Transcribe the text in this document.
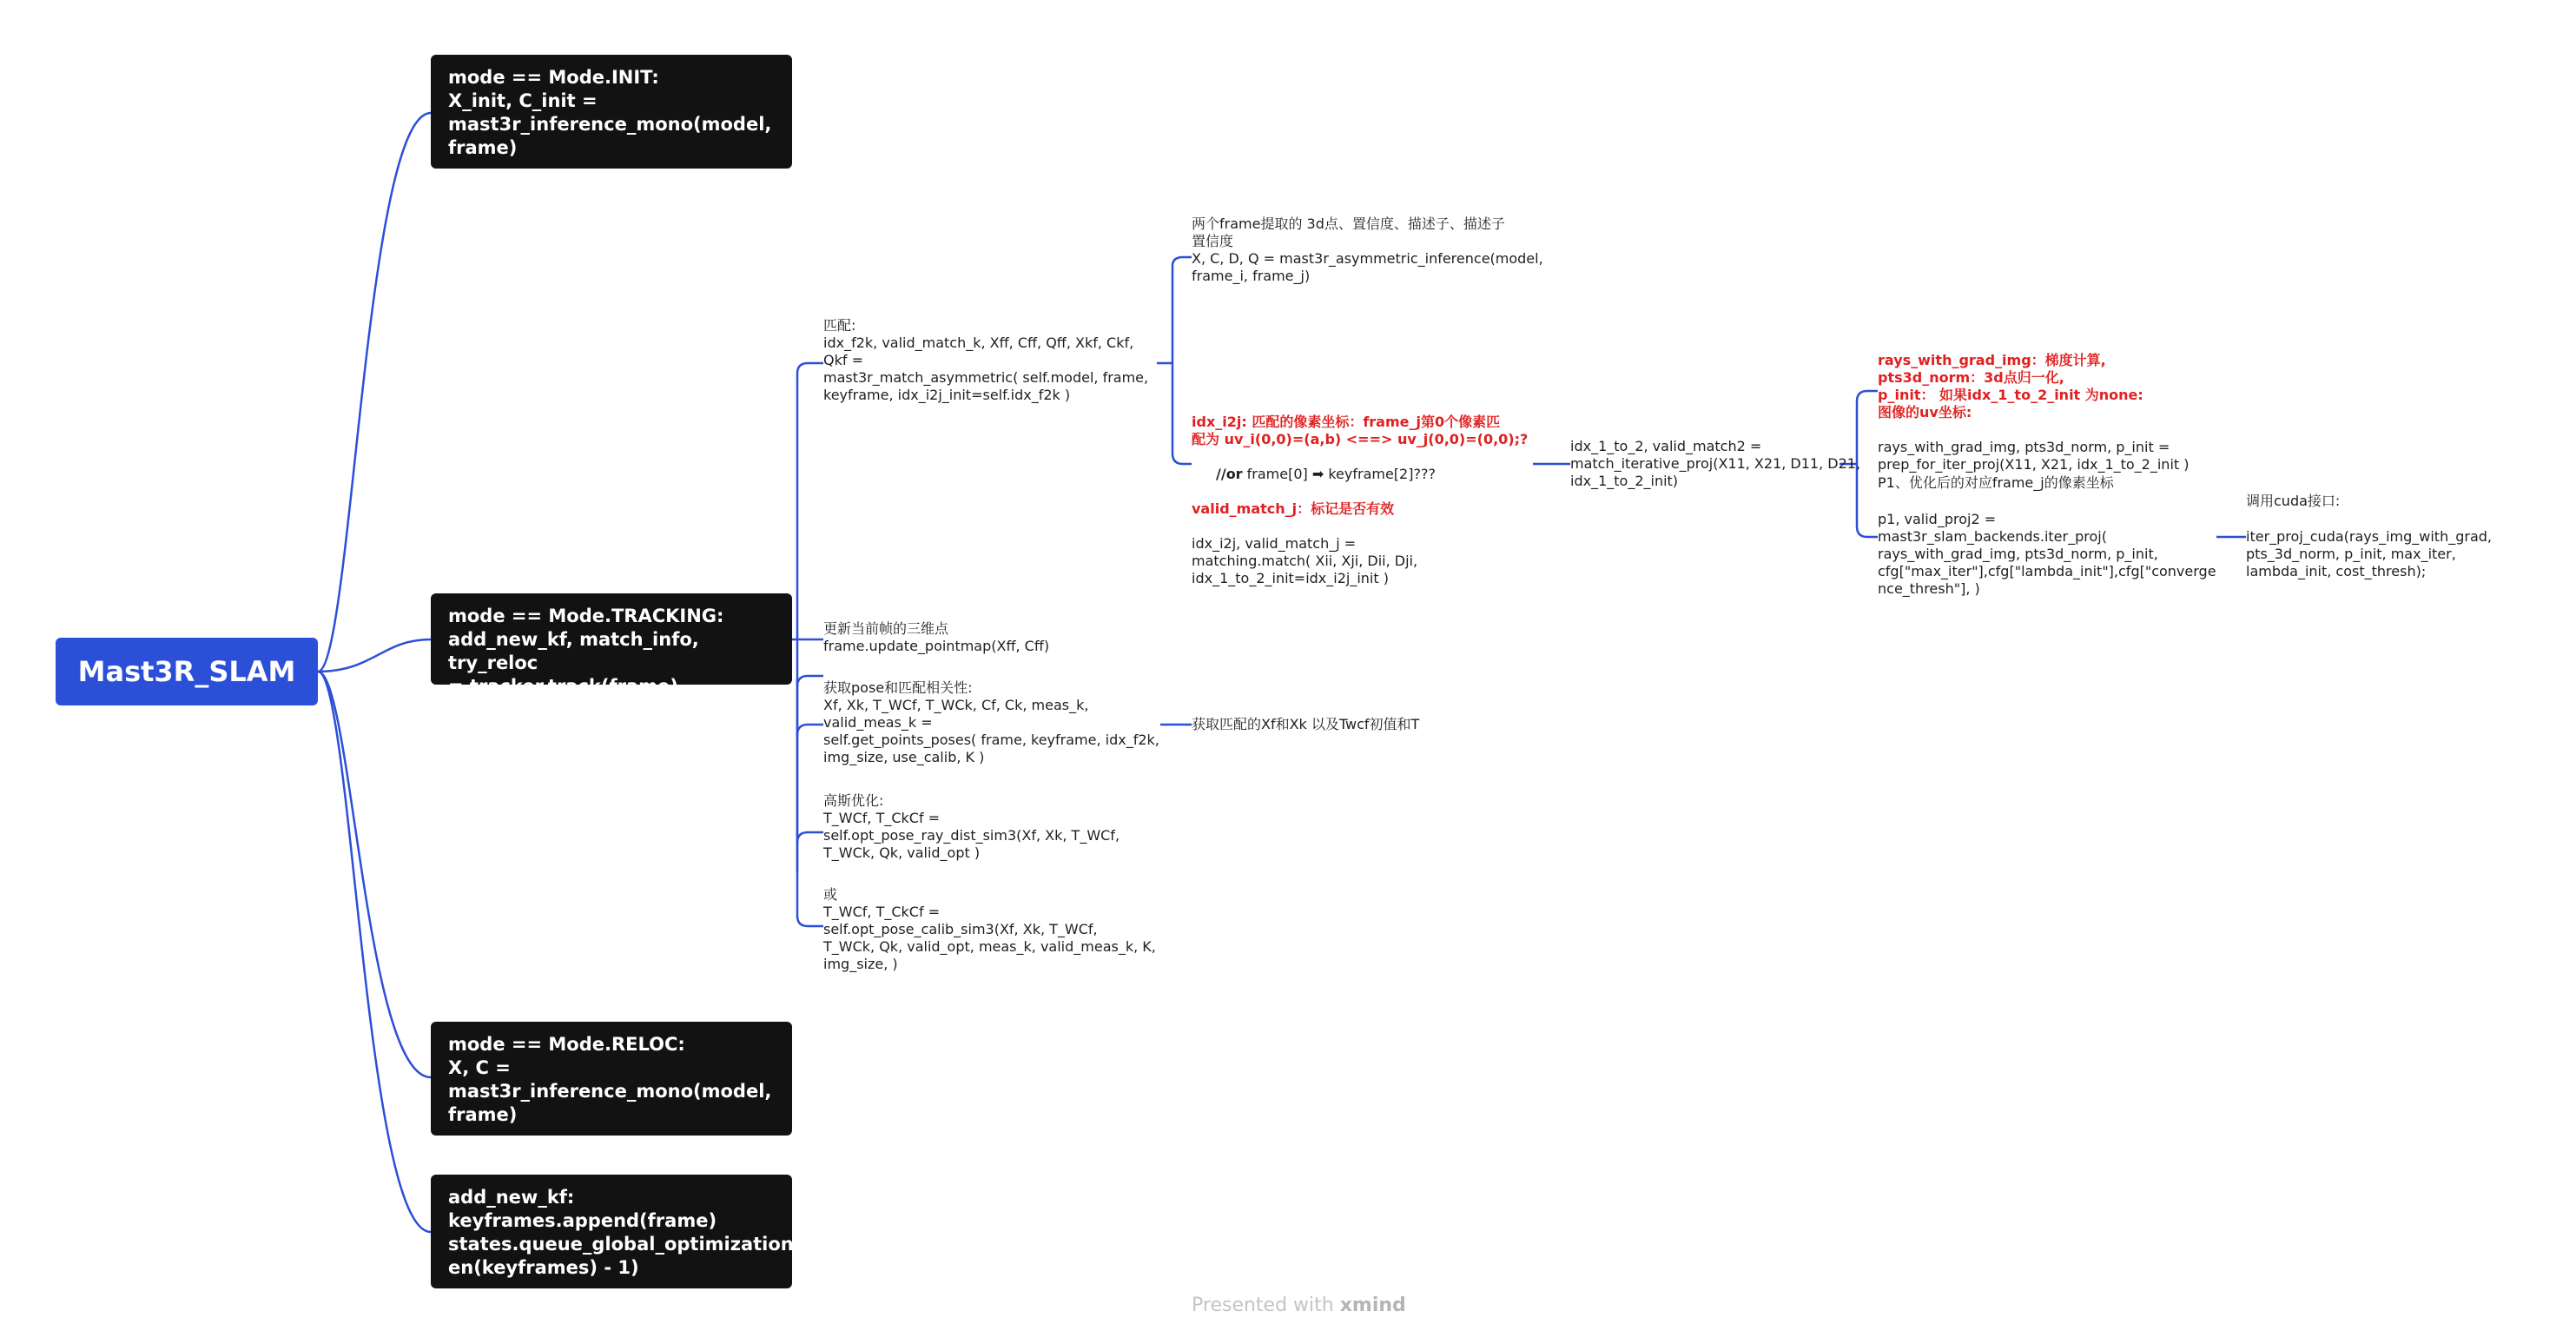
Mast3R_SLAM
mode == Mode.INIT:
X_init, C_init =
mast3r_inference_mono(model,
frame)
mode == Mode.TRACKING:
add_new_kf, match_info, try_reloc
= tracker.track(frame)
mode == Mode.RELOC:
X, C =
mast3r_inference_mono(model,
frame)
add_new_kf:
keyframes.append(frame)
states.queue_global_optimization(l
en(keyframes) - 1)
匹配:
idx_f2k, valid_match_k, Xff, Cff, Qff, Xkf, Ckf,
Qkf =
mast3r_match_asymmetric( self.model, frame,
keyframe, idx_i2j_init=self.idx_f2k )
更新当前帧的三维点
frame.update_pointmap(Xff, Cff)
获取pose和匹配相关性:
Xf, Xk, T_WCf, T_WCk, Cf, Ck, meas_k,
valid_meas_k =
self.get_points_poses( frame, keyframe, idx_f2k,
img_size, use_calib, K )
高斯优化:
T_WCf, T_CkCf =
self.opt_pose_ray_dist_sim3(Xf, Xk, T_WCf,
T_WCk, Qk, valid_opt )
或
T_WCf, T_CkCf =
self.opt_pose_calib_sim3(Xf, Xk, T_WCf,
T_WCk, Qk, valid_opt, meas_k, valid_meas_k, K,
img_size, )
两个frame提取的 3d点、置信度、描述子、描述子
置信度
X, C, D, Q = mast3r_asymmetric_inference(model,
frame_i, frame_j)

idx_i2j: 匹配的像素坐标：frame_j第0个像素匹
配为 uv_i(0,0)=(a,b) <==> uv_j(0,0)=(0,0);?

//or frame[0] ➡ keyframe[2]???

valid_match_j：标记是否有效

idx_i2j, valid_match_j =
matching.match( Xii, Xji, Dii, Dji,
idx_1_to_2_init=idx_i2j_init )

获取匹配的Xf和Xk 以及Twcf初值和T
idx_1_to_2, valid_match2 =
match_iterative_proj(X11, X21, D11, D21,
idx_1_to_2_init)

rays_with_grad_img：梯度计算,
pts3d_norm：3d点归一化,
p_init： 如果idx_1_to_2_init 为none:
图像的uv坐标:

rays_with_grad_img, pts3d_norm, p_init =
prep_for_iter_proj(X11, X21, idx_1_to_2_init )

P1、优化后的对应frame_j的像素坐标
p1, valid_proj2 =
mast3r_slam_backends.iter_proj(
rays_with_grad_img, pts3d_norm, p_init,
cfg["max_iter"],cfg["lambda_init"],cfg["converge
nce_thresh"], )
调用cuda接口:
iter_proj_cuda(rays_img_with_grad,
pts_3d_norm, p_init, max_iter,
lambda_init, cost_thresh);
Presented with xmind
